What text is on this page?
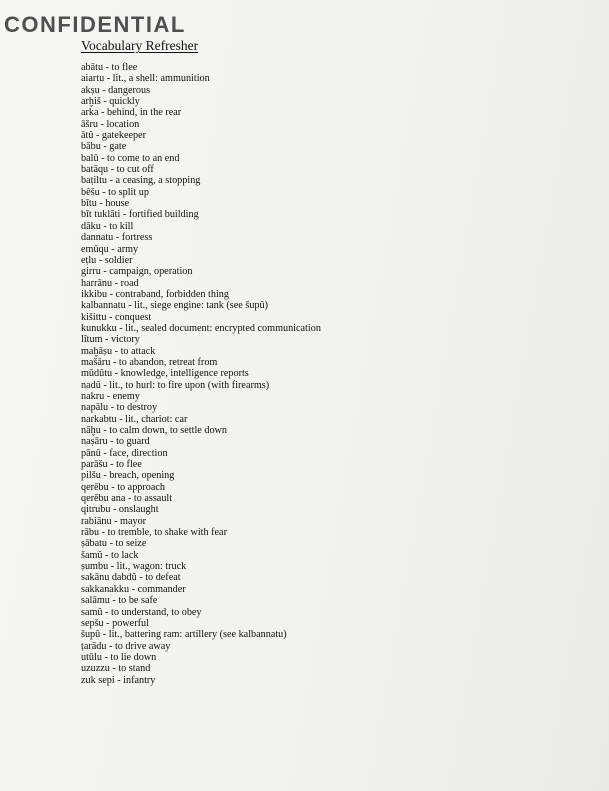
CONFIDENTIAL
Vocabulary Refresher
abātu - to flee
aiartu - lit., a shell: ammunition
akṣu - dangerous
arḫiš - quickly
arka - behind, in the rear
āšru - location
ātû - gatekeeper
bābu - gate
balū - to come to an end
batāqu - to cut off
baṭiltu - a ceasing, a stopping
bêšu - to split up
bītu - house
bīt tuklāti - fortified building
dāku - to kill
dannatu - fortress
emūqu - army
eṭlu - soldier
girru - campaign, operation
harrānu - road
ikkibu - contraband, forbidden thing
kalbannatu - lit., siege engine: tank (see šupû)
kišittu - conquest
kunukku - lit., sealed document: encrypted communication
lītum - victory
maḫāṣu - to attack
mašāru - to abandon, retreat from
mūdûtu - knowledge, intelligence reports
nadû - lit., to hurl: to fire upon (with firearms)
nakru - enemy
napālu - to destroy
narkabtu - lit., chariot: car
nâḫu - to calm down, to settle down
naṣāru - to guard
pānū - face, direction
parāšu - to flee
pilšu - breach, opening
qerēbu - to approach
qerēbu ana - to assault
qitrubu - onslaught
rabiānu - mayor
rābu - to tremble, to shake with fear
ṣābatu - to seize
šamû - to lack
ṣumbu - lit., wagon: truck
sakānu dabdû - to defeat
sakkanakku - commander
salāmu - to be safe
samû - to understand, to obey
sepšu - powerful
šupû - lit., battering ram: artillery (see kalbannatu)
ṭarādu - to drive away
utūlu - to lie down
uzuzzu - to stand
zuk sepi - infantry
